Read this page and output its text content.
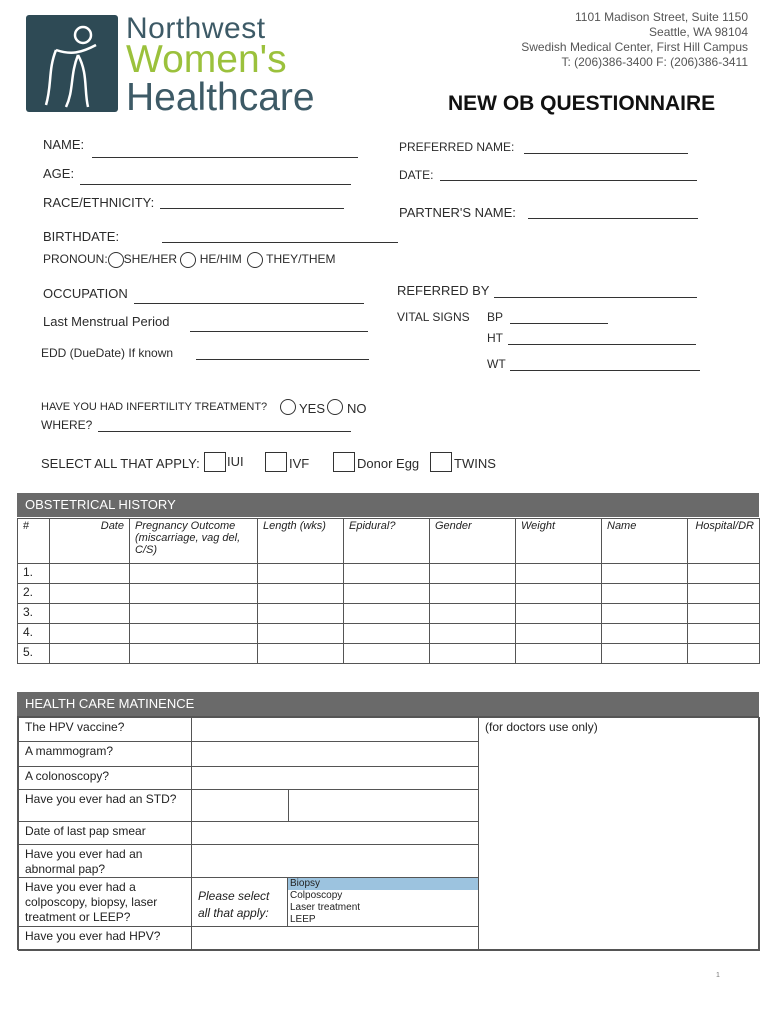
Northwest
Women's
Healthcare
1101 Madison Street, Suite 1150
Seattle, WA 98104
Swedish Medical Center, First Hill Campus
T: (206)386-3400 F: (206)386-3411
NEW OB QUESTIONNAIRE
NAME:
AGE:
RACE/ETHNICITY:
BIRTHDATE:
PRONOUN: SHE/HER HE/HIM THEY/THEM
OCCUPATION
Last Menstrual Period
EDD (DueDate) If known
PREFERRED NAME:
DATE:
PARTNER'S NAME:
REFERRED BY
VITAL SIGNS BP
HT
WT
HAVE YOU HAD INFERTILITY TREATMENT? YES NO
WHERE?
SELECT ALL THAT APPLY: IUI	IVF	Donor Egg	TWINS
OBSTETRICAL HISTORY
#	Date	Pregnancy Outcome (miscarriage, vag del, C/S)	Length (wks)	Epidural?	Gender	Weight	Name	Hospital/DR
1.								
2.								
3.								
4.								
5.								
HEALTH CARE MATINENCE
The HPV vaccine?
A mammogram?
A colonoscopy?
Have you ever had an STD?
Date of last pap smear
Have you ever had an abnormal pap?
Have you ever had a colposcopy, biopsy, laser treatment or LEEP?
Please select all that apply:
Biopsy
Colposcopy
Laser treatment
LEEP
Have you ever had HPV?
(for doctors use only)
1
